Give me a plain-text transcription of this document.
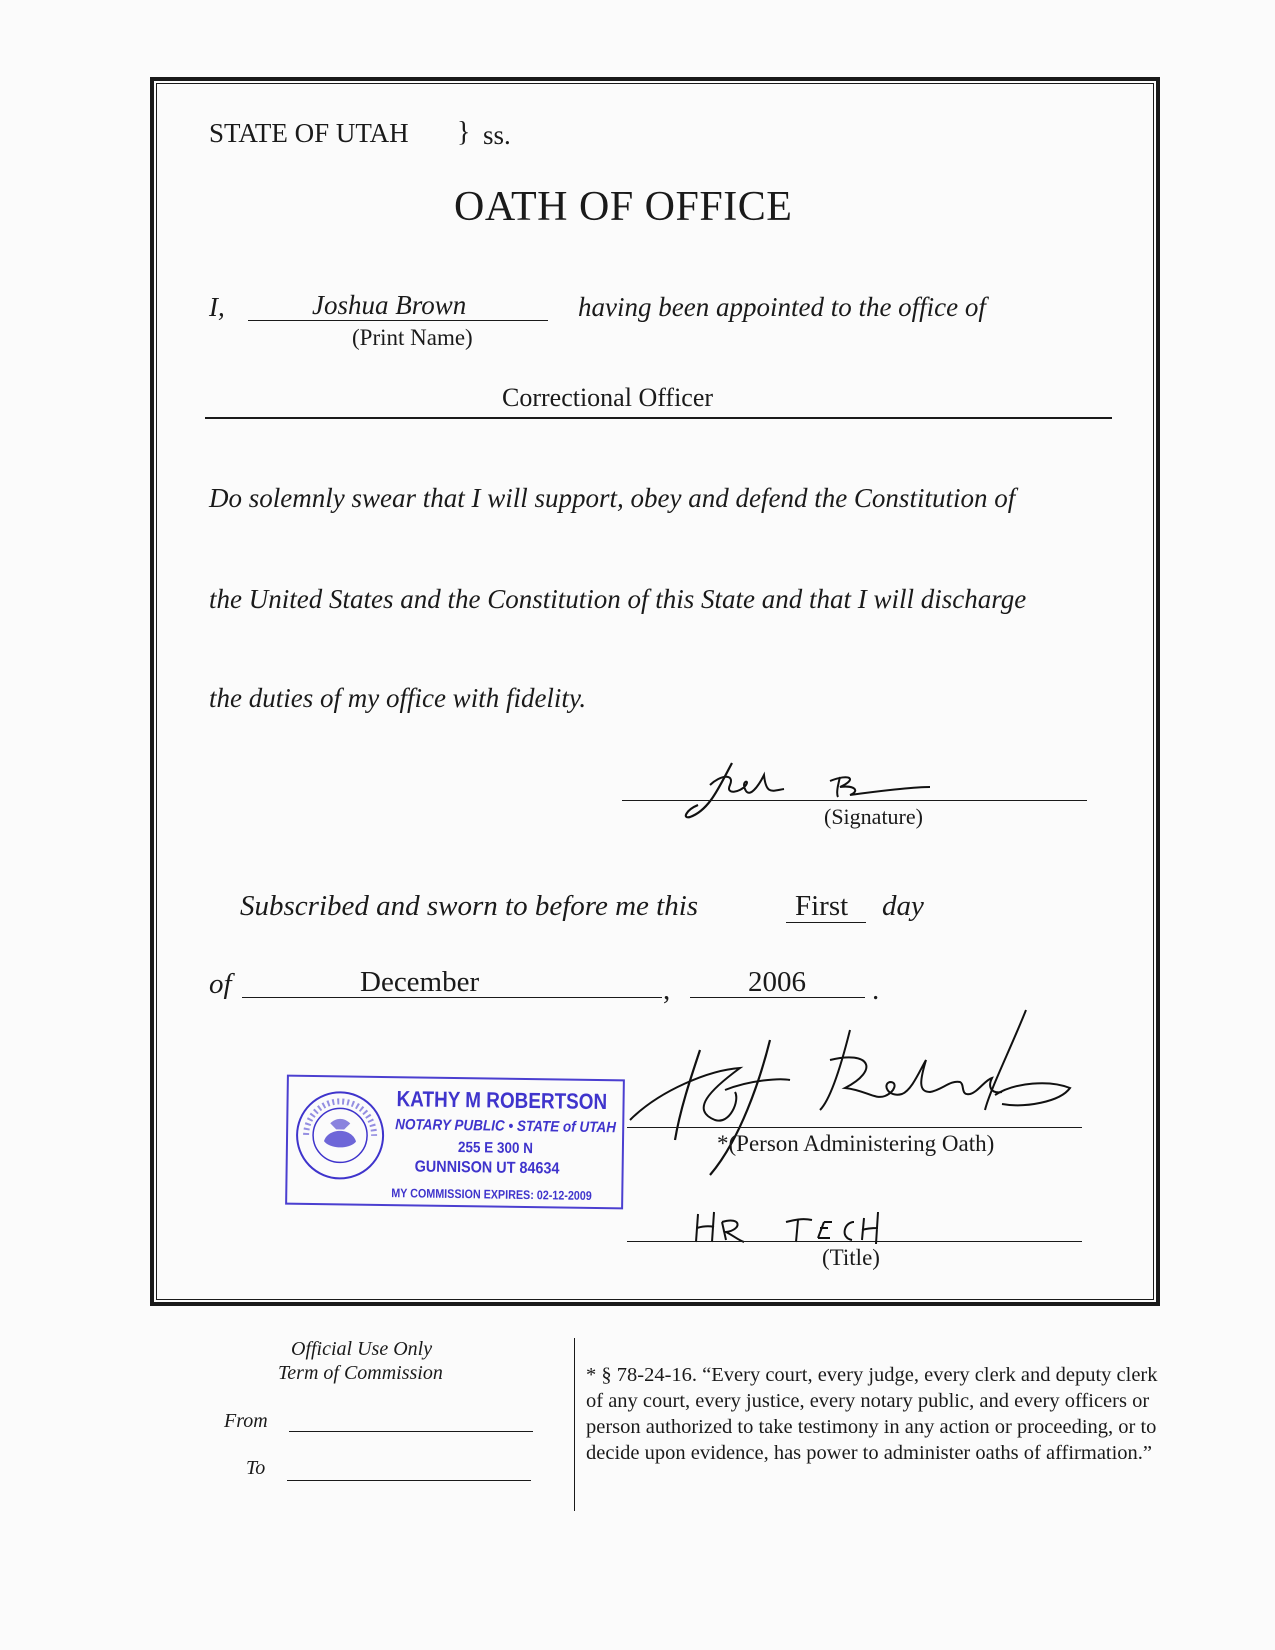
STATE OF UTAH } ss.
OATH OF OFFICE
I,	Joshua Brown
(Print Name)
having been appointed to the office of
Correctional Officer
Do solemnly swear that I will support, obey and defend the Constitution of
the United States and the Constitution of this State and that I will discharge
the duties of my office with fidelity.
(Signature)
Subscribed and sworn to before me this	First day
of	December	,	2006 .
KATHY M ROBERTSON
NOTARY PUBLIC • STATE of UTAH
255 E 300 N
GUNNISON UT 84634
MY COMMISSION EXPIRES: 02-12-2009
*(Person Administering Oath)
(Title)
Official Use Only
Term of Commission
From
To
* § 78-24-16. “Every court, every judge, every clerk and deputy clerk of any court, every justice, every notary public, and every officers or person authorized to take testimony in any action or proceeding, or to decide upon evidence, has power to administer oaths of affirmation.”
